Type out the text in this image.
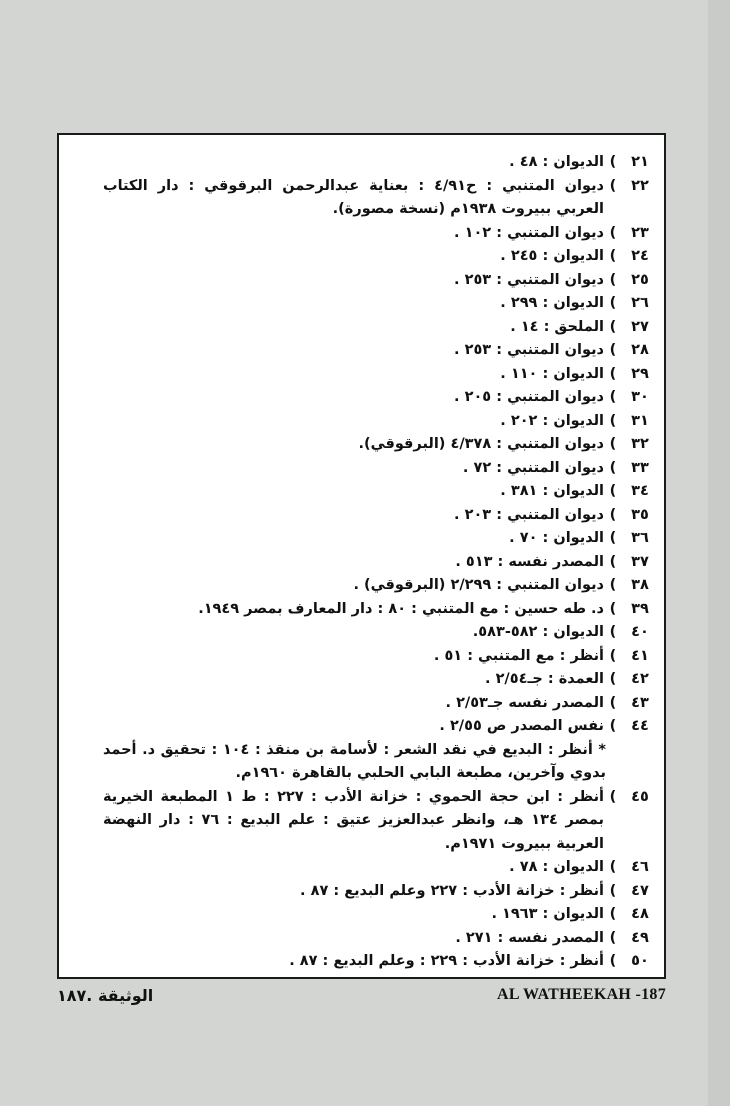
٢١
)
الديوان : ٤٨ .
٢٢
)
ديوان المتنبي : ح٤/٩١ : بعناية عبدالرحمن البرقوقي : دار الكتاب العربي ببيروت ١٩٣٨م (نسخة مصورة).
٢٣
)
ديوان المتنبي : ١٠٢ .
٢٤
)
الديوان : ٢٤٥ .
٢٥
)
ديوان المتنبي : ٢٥٣ .
٢٦
)
الديوان : ٢٩٩ .
٢٧
)
الملحق : ١٤ .
٢٨
)
ديوان المتنبي : ٢٥٣ .
٢٩
)
الديوان : ١١٠ .
٣٠
)
ديوان المتنبي : ٢٠٥ .
٣١
)
الديوان : ٢٠٢ .
٣٢
)
ديوان المتنبي : ٤/٣٧٨ (البرقوقي).
٣٣
)
ديوان المتنبي : ٧٢ .
٣٤
)
الديوان : ٣٨١ .
٣٥
)
ديوان المتنبي : ٢٠٣ .
٣٦
)
الديوان : ٧٠ .
٣٧
)
المصدر نفسه : ٥١٣ .
٣٨
)
ديوان المتنبي : ٢/٢٩٩ (البرقوقي) .
٣٩
)
د. طه حسين : مع المتنبي : ٨٠ : دار المعارف بمصر ١٩٤٩.
٤٠
)
الديوان : ٥٨٢-٥٨٣.
٤١
)
أنظر : مع المتنبي : ٥١ .
٤٢
)
العمدة : جـ٢/٥٤ .
٤٣
)
المصدر نفسه جـ٢/٥٣ .
٤٤
)
نفس المصدر ص ٢/٥٥ .
* أنظر : البديع في نقد الشعر : لأسامة بن منقذ : ١٠٤ : تحقيق د. أحمد بدوي وآخرين، مطبعة البابي الحلبي بالقاهرة ١٩٦٠م.
٤٥
)
أنظر : ابن حجة الحموي : خزانة الأدب : ٢٢٧ : ط ١ المطبعة الخيرية بمصر ١٣٤ هـ، وانظر عبدالعزيز عتيق : علم البديع : ٧٦ : دار النهضة العربية ببيروت ١٩٧١م.
٤٦
)
الديوان : ٧٨ .
٤٧
)
أنظر : خزانة الأدب : ٢٢٧ وعلم البديع : ٨٧ .
٤٨
)
الديوان : ١٩٦٣ .
٤٩
)
المصدر نفسه : ٢٧١ .
٥٠
)
أنظر : خزانة الأدب : ٢٢٩ : وعلم البديع : ٨٧ .
AL WATHEEKAH -187
الوثيقة .١٨٧
